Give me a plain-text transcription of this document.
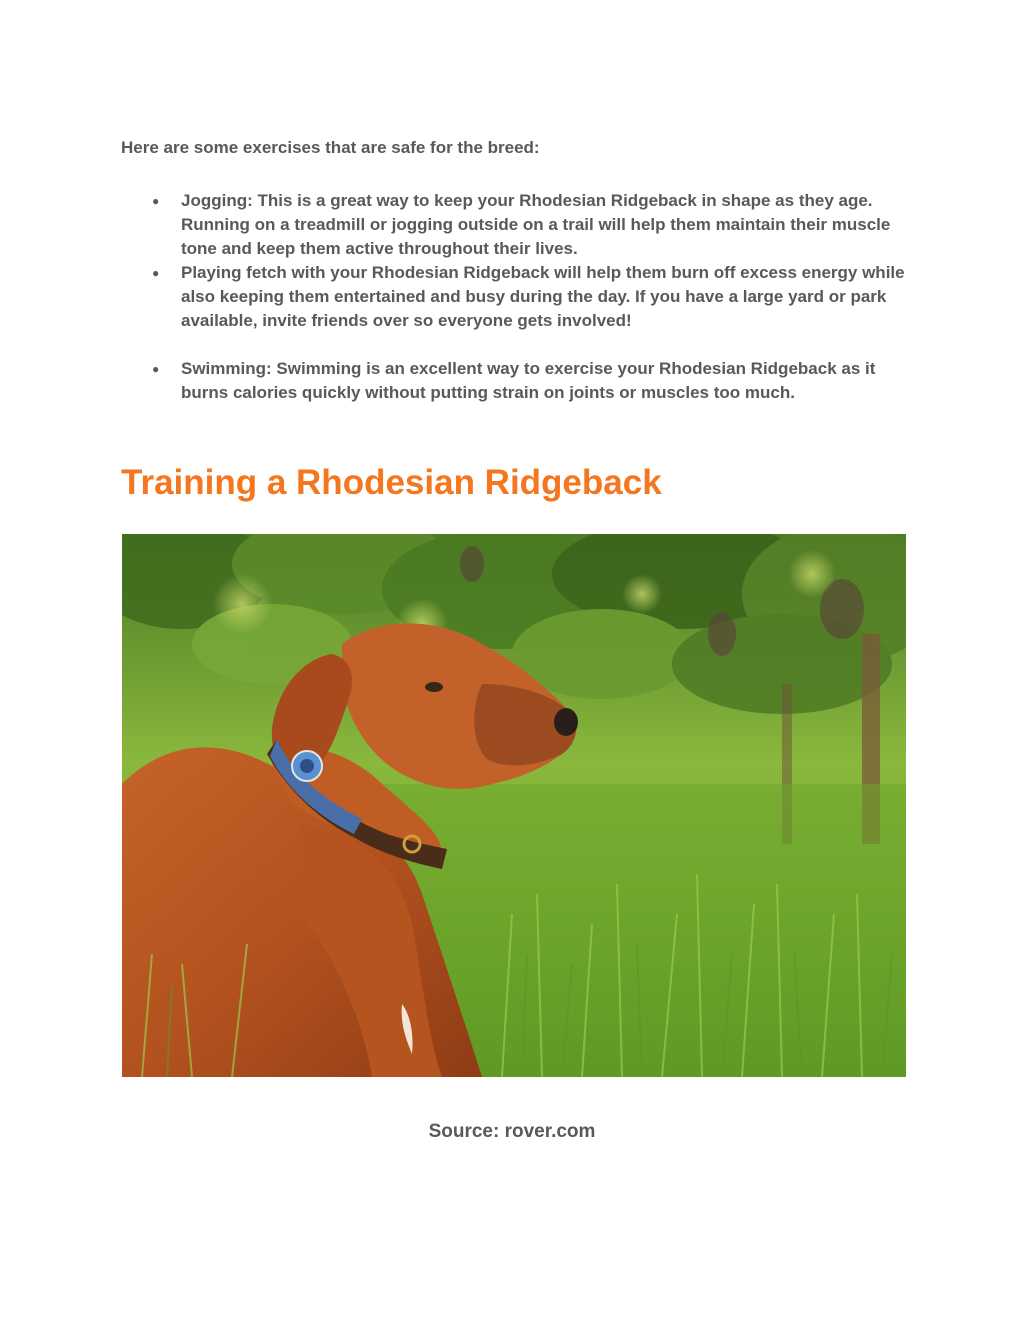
Here are some exercises that are safe for the breed:

● Jogging: This is a great way to keep your Rhodesian Ridgeback in shape as they age. Running on a treadmill or jogging outside on a trail will help them maintain their muscle tone and keep them active throughout their lives.
● Playing fetch with your Rhodesian Ridgeback will help them burn off excess energy while also keeping them entertained and busy during the day. If you have a large yard or park available, invite friends over so everyone gets involved!
● Swimming: Swimming is an excellent way to exercise your Rhodesian Ridgeback as it burns calories quickly without putting strain on joints or muscles too much.
Training a Rhodesian Ridgeback

Source: rover.com
